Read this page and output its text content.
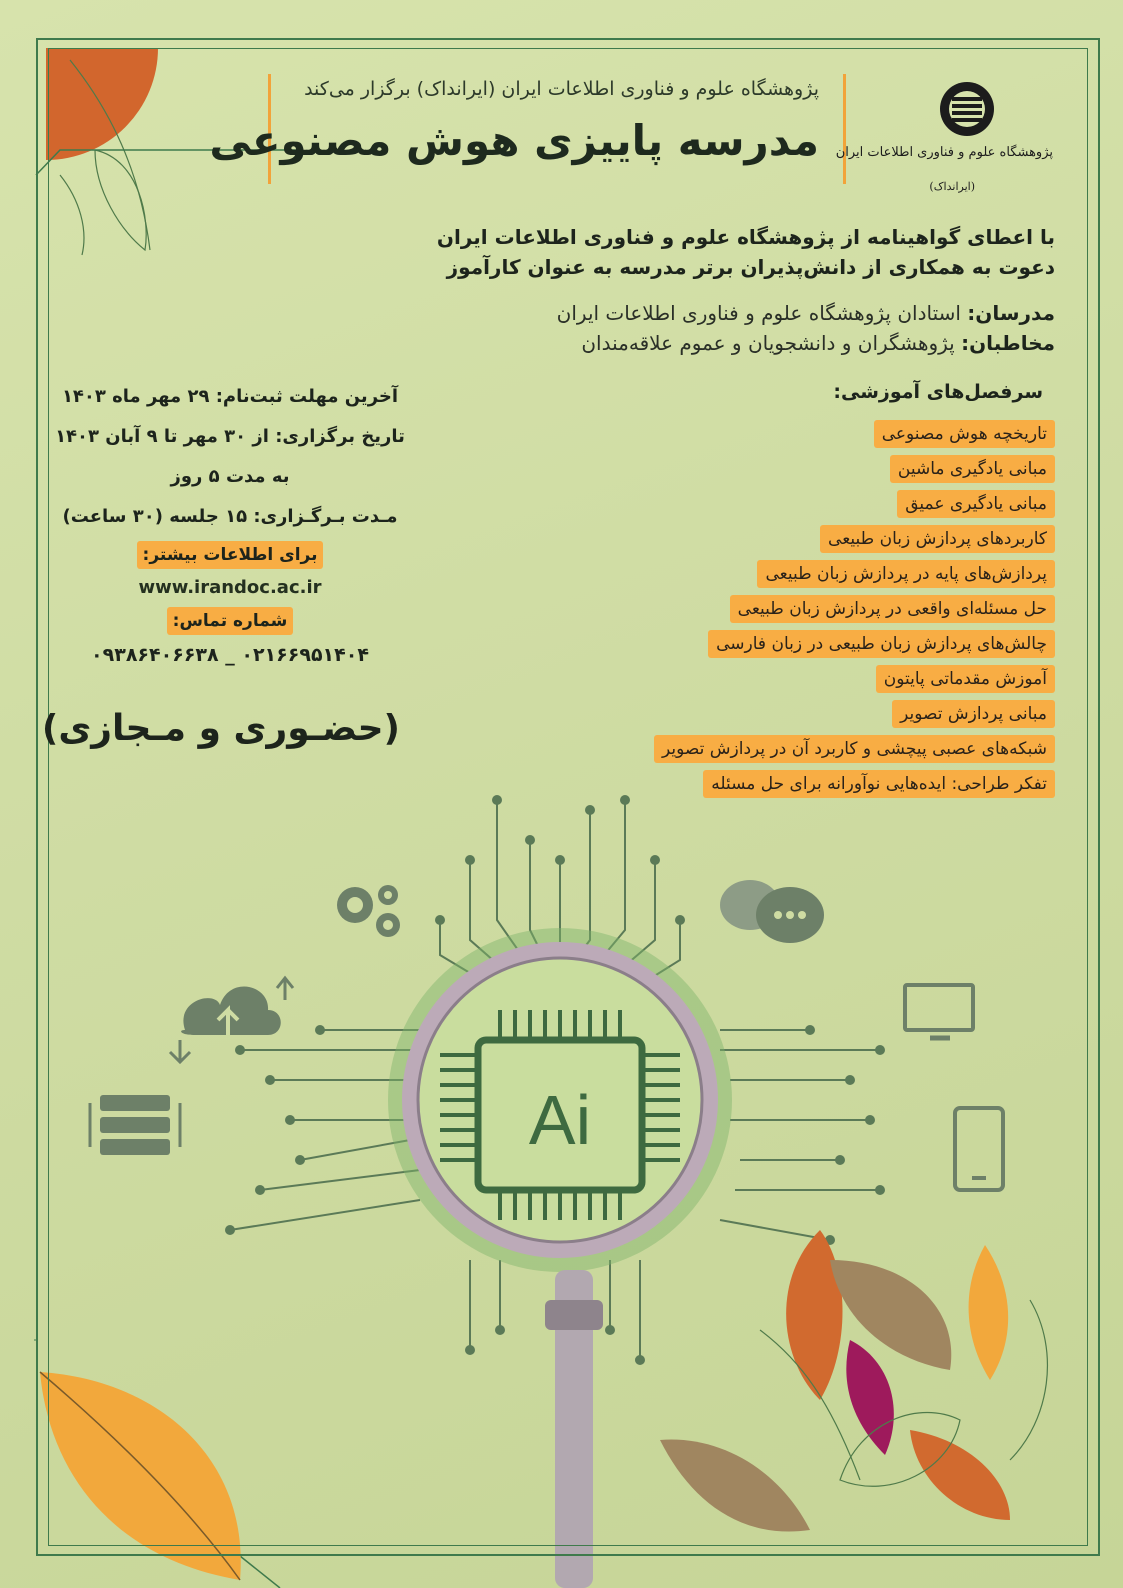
Ai
پژوهشگاه علوم و فناوری اطلاعات ایران (ایرانداک) برگزار می‌کند
مدرسه‌ پاییزی هوش‌ مصنوعی پژوهشگاه علوم و فناوری اطلاعات ایران
(ایرانداک)
با اعطای گواهینامه از پژوهشگاه علوم و فناوری اطلاعات ایران
دعوت به همکاری از دانش‌پذیران برتر مدرسه به عنوان کارآموز
مدرسان: استادان پژوهشگاه علوم و فناوری اطلاعات ایران
مخاطبان: پژوهشگران و دانشجویان و عموم علاقه‌مندان
سرفصل‌های آموزشی:
تاریخچه هوش مصنوعی
مبانی یادگیری ماشین
مبانی یادگیری عمیق
کاربردهای پردازش زبان طبیعی
پردازش‌های پایه در پردازش زبان طبیعی
حل مسئله‌ای واقعی در پردازش زبان طبیعی
چالش‌های پردازش زبان طبیعی در زبان فارسی
آموزش مقدماتی پایتون
مبانی پردازش تصویر
شبکه‌های عصبی پیچشی و کاربرد آن در پردازش تصویر
تفکر طراحی: ایده‌هایی نوآورانه برای حل مسئله
آخرین مهلت ثبت‌نام: ۲۹ مهر ماه ۱۴۰۳
تاریخ برگزاری: از ۳۰ مهر تا ۹ آبان ۱۴۰۳
به مدت ۵ روز
مـدت بـرگـزاری: ۱۵ جلسه (۳۰ ساعت)
برای اطلاعات بیشتر:
www.irandoc.ac.ir
شماره تماس:
۰۲۱۶۶۹۵۱۴۰۴ _ ۰۹۳۸۶۴۰۶۶۳۸
(حضـوری و مـجازی)
